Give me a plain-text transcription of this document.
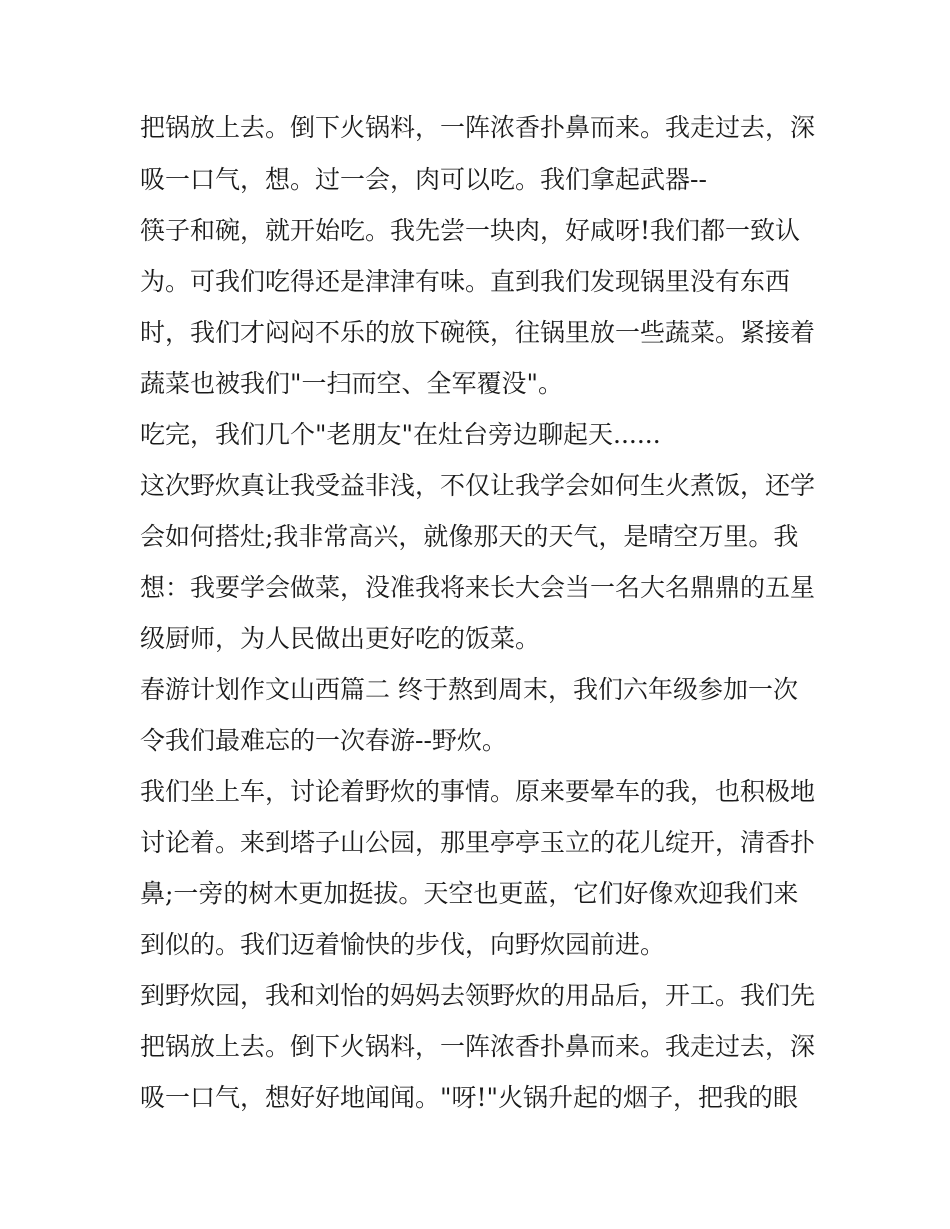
把锅放上去。倒下火锅料，一阵浓香扑鼻而来。我走过去，深
吸一口气，想。过一会，肉可以吃。我们拿起武器--
筷子和碗，就开始吃。我先尝一块肉，好咸呀!我们都一致认
为。可我们吃得还是津津有味。直到我们发现锅里没有东西
时，我们才闷闷不乐的放下碗筷，往锅里放一些蔬菜。紧接着
蔬菜也被我们"一扫而空、全军覆没"。
吃完，我们几个"老朋友"在灶台旁边聊起天......
这次野炊真让我受益非浅，不仅让我学会如何生火煮饭，还学
会如何搭灶;我非常高兴，就像那天的天气，是晴空万里。我
想：我要学会做菜，没准我将来长大会当一名大名鼎鼎的五星
级厨师，为人民做出更好吃的饭菜。
春游计划作文山西篇二 终于熬到周末，我们六年级参加一次
令我们最难忘的一次春游--野炊。
我们坐上车，讨论着野炊的事情。原来要晕车的我，也积极地
讨论着。来到塔子山公园，那里亭亭玉立的花儿绽开，清香扑
鼻;一旁的树木更加挺拔。天空也更蓝，它们好像欢迎我们来
到似的。我们迈着愉快的步伐，向野炊园前进。
到野炊园，我和刘怡的妈妈去领野炊的用品后，开工。我们先
把锅放上去。倒下火锅料，一阵浓香扑鼻而来。我走过去，深
吸一口气，想好好地闻闻。"呀!"火锅升起的烟子，把我的眼
